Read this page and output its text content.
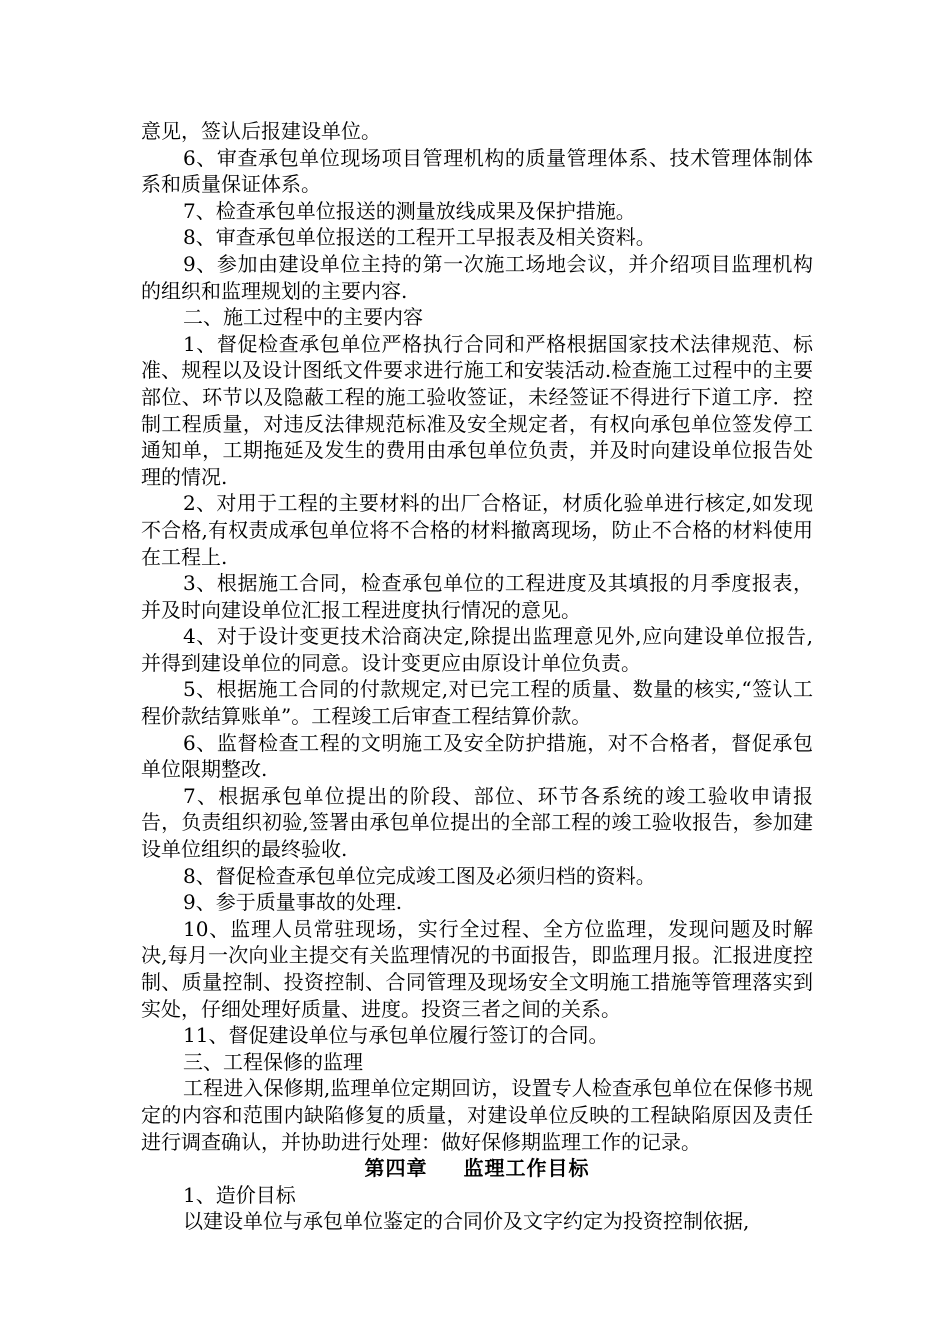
意见，签认后报建设单位。

6、审查承包单位现场项目管理机构的质量管理体系、技术管理体制体系和质量保证体系。

7、检查承包单位报送的测量放线成果及保护措施。

8、审查承包单位报送的工程开工早报表及相关资料。

9、参加由建设单位主持的第一次施工场地会议，并介绍项目监理机构的组织和监理规划的主要内容.

二、施工过程中的主要内容

1、督促检查承包单位严格执行合同和严格根据国家技术法律规范、标准、规程以及设计图纸文件要求进行施工和安装活动.检查施工过程中的主要部位、环节以及隐蔽工程的施工验收签证，未经签证不得进行下道工序．控制工程质量，对违反法律规范标准及安全规定者，有权向承包单位签发停工通知单，工期拖延及发生的费用由承包单位负责，并及时向建设单位报告处理的情况.

2、对用于工程的主要材料的出厂合格证，材质化验单进行核定,如发现不合格,有权责成承包单位将不合格的材料撤离现场，防止不合格的材料使用在工程上.

3、根据施工合同，检查承包单位的工程进度及其填报的月季度报表，并及时向建设单位汇报工程进度执行情况的意见。

4、对于设计变更技术洽商决定,除提出监理意见外,应向建设单位报告,并得到建设单位的同意。设计变更应由原设计单位负责。

5、根据施工合同的付款规定,对已完工程的质量、数量的核实,“签认工程价款结算账单”。工程竣工后审查工程结算价款。

6、监督检查工程的文明施工及安全防护措施，对不合格者，督促承包单位限期整改.

7、根据承包单位提出的阶段、部位、环节各系统的竣工验收申请报告，负责组织初验,签署由承包单位提出的全部工程的竣工验收报告，参加建设单位组织的最终验收.

8、督促检查承包单位完成竣工图及必须归档的资料。

9、参于质量事故的处理.

10、监理人员常驻现场，实行全过程、全方位监理，发现问题及时解决,每月一次向业主提交有关监理情况的书面报告，即监理月报。汇报进度控制、质量控制、投资控制、合同管理及现场安全文明施工措施等管理落实到实处，仔细处理好质量、进度。投资三者之间的关系。

11、督促建设单位与承包单位履行签订的合同。

三、工程保修的监理

工程进入保修期,监理单位定期回访，设置专人检查承包单位在保修书规定的内容和范围内缺陷修复的质量，对建设单位反映的工程缺陷原因及责任进行调查确认，并协助进行处理：做好保修期监理工作的记录。

第四章 监理工作目标

1、造价目标

以建设单位与承包单位鉴定的合同价及文字约定为投资控制依据,
